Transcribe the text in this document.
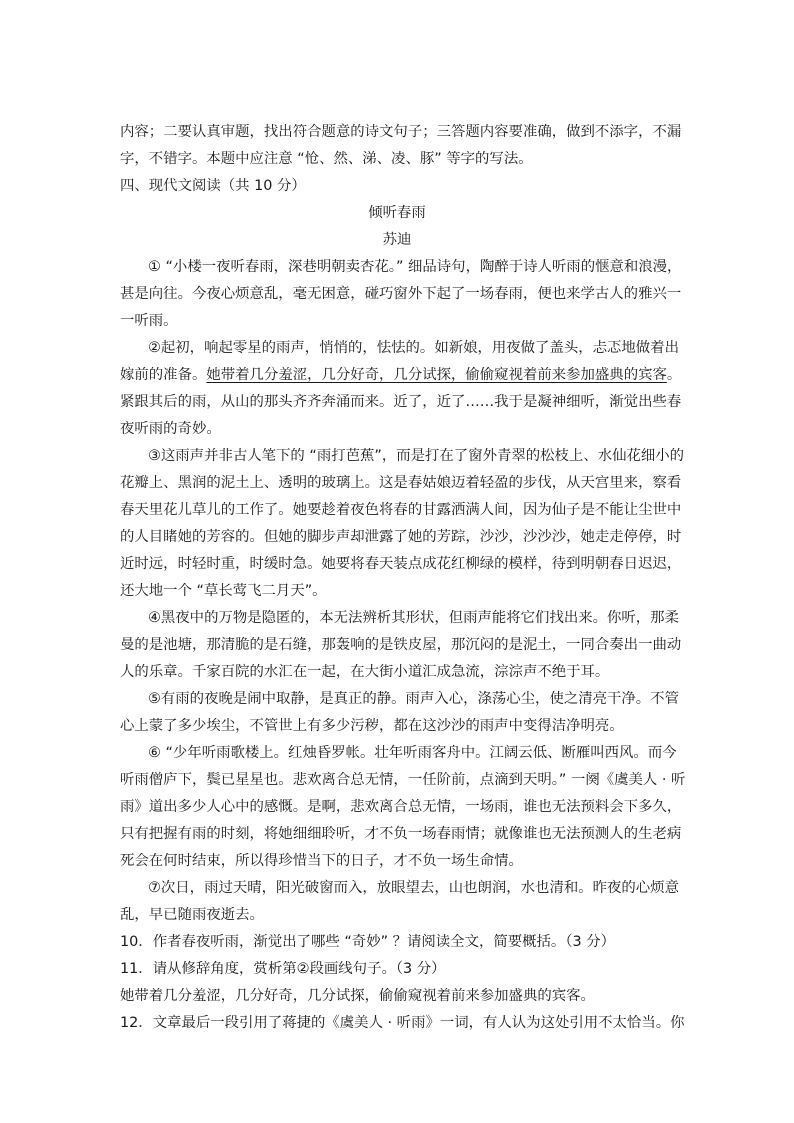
内容；二要认真审题，找出符合题意的诗文句子；三答题内容要准确，做到不添字，不漏
字，不错字。本题中应注意 “怆、然、涕、凌、豚” 等字的写法。
四、现代文阅读（共 10 分）
倾听春雨
苏迪
① “小楼一夜听春雨，深巷明朝卖杏花。” 细品诗句，陶醉于诗人听雨的惬意和浪漫，
甚是向往。今夜心烦意乱，毫无困意，碰巧窗外下起了一场春雨，便也来学古人的雅兴一
一听雨。
②起初，响起零星的雨声，悄悄的，怯怯的。如新娘，用夜做了盖头，忐忑地做着出
嫁前的准备。她带着几分羞涩，几分好奇，几分试探，偷偷窥视着前来参加盛典的宾客。
紧跟其后的雨，从山的那头齐齐奔涌而来。近了，近了……我于是凝神细听，渐觉出些春
夜听雨的奇妙。
③这雨声并非古人笔下的 “雨打芭蕉”，而是打在了窗外青翠的松枝上、水仙花细小的
花瓣上、黑润的泥土上、透明的玻璃上。这是春姑娘迈着轻盈的步伐，从天宫里来，察看
春天里花儿草儿的工作了。她要趁着夜色将春的甘露洒满人间，因为仙子是不能让尘世中
的人目睹她的芳容的。但她的脚步声却泄露了她的芳踪，沙沙，沙沙沙，她走走停停，时
近时远，时轻时重，时缓时急。她要将春天装点成花红柳绿的模样，待到明朝春日迟迟，
还大地一个 “草长莺飞二月天”。
④黑夜中的万物是隐匿的，本无法辨析其形状，但雨声能将它们找出来。你听，那柔
曼的是池塘，那清脆的是石缝，那轰响的是铁皮屋，那沉闷的是泥土，一同合奏出一曲动
人的乐章。千家百院的水汇在一起，在大街小道汇成急流，淙淙声不绝于耳。
⑤有雨的夜晚是闹中取静，是真正的静。雨声入心，涤荡心尘，使之清亮干净。不管
心上蒙了多少埃尘，不管世上有多少污秽，都在这沙沙的雨声中变得洁净明亮。
⑥ “少年听雨歌楼上。红烛昏罗帐。壮年听雨客舟中。江阔云低、断雁叫西风。而今
听雨僧庐下，鬓已星星也。悲欢离合总无情，一任阶前，点滴到天明。” 一阕《虞美人 · 听
雨》道出多少人心中的感慨。是啊，悲欢离合总无情，一场雨，谁也无法预料会下多久，
只有把握有雨的时刻，将她细细聆听，才不负一场春雨情；就像谁也无法预测人的生老病
死会在何时结束，所以得珍惜当下的日子，才不负一场生命情。
⑦次日，雨过天晴，阳光破窗而入，放眼望去，山也朗润，水也清和。昨夜的心烦意
乱，早已随雨夜逝去。
10．作者春夜听雨，渐觉出了哪些 “奇妙” ？请阅读全文，简要概括。（3 分）
11．请从修辞角度，赏析第②段画线句子。（3 分）
她带着几分羞涩，几分好奇，几分试探，偷偷窥视着前来参加盛典的宾客。
12．文章最后一段引用了蒋捷的《虞美人 · 听雨》一词，有人认为这处引用不太恰当。你
